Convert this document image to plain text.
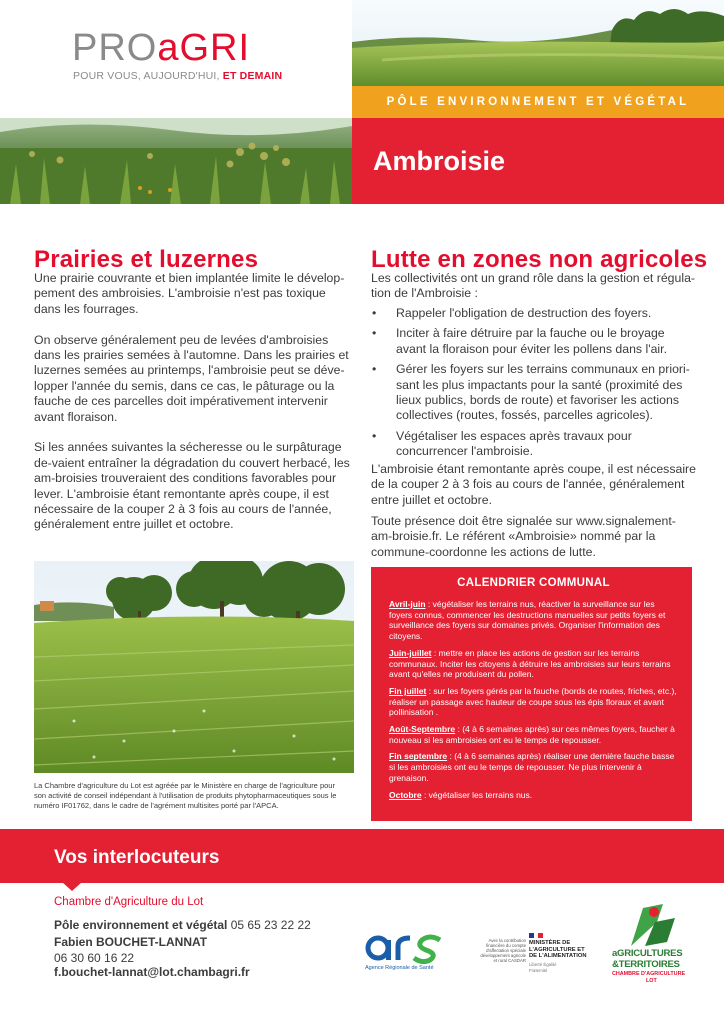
PROaGRI
POUR VOUS, AUJOURD'HUI, ET DEMAIN
PÔLE ENVIRONNEMENT ET VÉGÉTAL
Ambroisie
Prairies et luzernes

Une prairie couvrante et bien implantée limite le dévelop-pement des ambroisies. L'ambroisie n'est pas toxique dans les fourrages.

On observe généralement peu de levées d'ambroisies dans les prairies semées à l'automne. Dans les prairies et luzernes semées au printemps, l'ambroisie peut se déve-lopper l'année du semis, dans ce cas, le pâturage ou la fauche de ces parcelles doit impérativement intervenir avant floraison.

Si les années suivantes la sécheresse ou le surpâturage de-vaient entraîner la dégradation du couvert herbacé, les am-broisies trouveraient des conditions favorables pour lever. L'ambroisie étant remontante après coupe, il est nécessaire de la couper 2 à 3 fois au cours de l'année, généralement entre juillet et octobre.

La Chambre d'agriculture du Lot est agréée par le Ministère en charge de l'agriculture pour son activité de conseil indépendant à l'utilisation de produits phytopharmaceutiques sous le numéro IF01762, dans le cadre de l'agrément multisites porté par l'APCA.
Lutte en zones non agricoles
Les collectivités ont un grand rôle dans la gestion et régula-tion de l'Ambroisie :
• Rappeler l'obligation de destruction des foyers.
• Inciter à faire détruire par la fauche ou le broyage avant la floraison pour éviter les pollens dans l'air.
• Gérer les foyers sur les terrains communaux en priori-sant les plus impactants pour la santé (proximité des lieux publics, bords de route) et favoriser les actions collectives (routes, fossés, parcelles agricoles).
• Végétaliser les espaces après travaux pour concurrencer l'ambroisie.
L'ambroisie étant remontante après coupe, il est nécessaire de la couper 2 à 3 fois au cours de l'année, généralement entre juillet et octobre.
Toute présence doit être signalée sur www.signalement-am-broisie.fr. Le référent «Ambroisie» nommé par la commune-coordonne les actions de lutte.
CALENDRIER COMMUNAL
Avril-juin : végétaliser les terrains nus, réactiver la surveillance sur les foyers connus, commencer les destructions manuelles sur petits foyers et surveillance des foyers sur domaines privés. Organiser l'information des citoyens.
Juin-juillet : mettre en place les actions de gestion sur les terrains communaux. Inciter les citoyens à détruire les ambroisies sur leurs terrains avant qu'elles ne produisent du pollen.
Fin juillet : sur les foyers gérés par la fauche (bords de routes, friches, etc.), réaliser un passage avec hauteur de coupe sous les épis floraux et avant pollinisation .
Août-Septembre : (4 à 6 semaines après) sur ces mêmes foyers, faucher à nouveau si les ambroisies ont eu le temps de repousser.
Fin septembre : (4 à 6 semaines après) réaliser une dernière fauche basse si les ambroisies ont eu le temps de repousser. Ne plus intervenir à grenaison.
Octobre : végétaliser les terrains nus.
Vos interlocuteurs
Chambre d'Agriculture du Lot
Pôle environnement et végétal 05 65 23 22 22
Fabien BOUCHET-LANNAT
06 30 60 16 22
f.bouchet-lannat@lot.chambagri.fr	Agence Régionale de Santé
Avec la contribution financière du compte d'affectation spéciale développement agricole et rural CASDAR
MINISTÈRE DE L'AGRICULTURE ET DE L'ALIMENTATION
Liberté Égalité Fraternité
aGRICULTURES
&TERRITOIRES
CHAMBRE D'AGRICULTURE
LOT
